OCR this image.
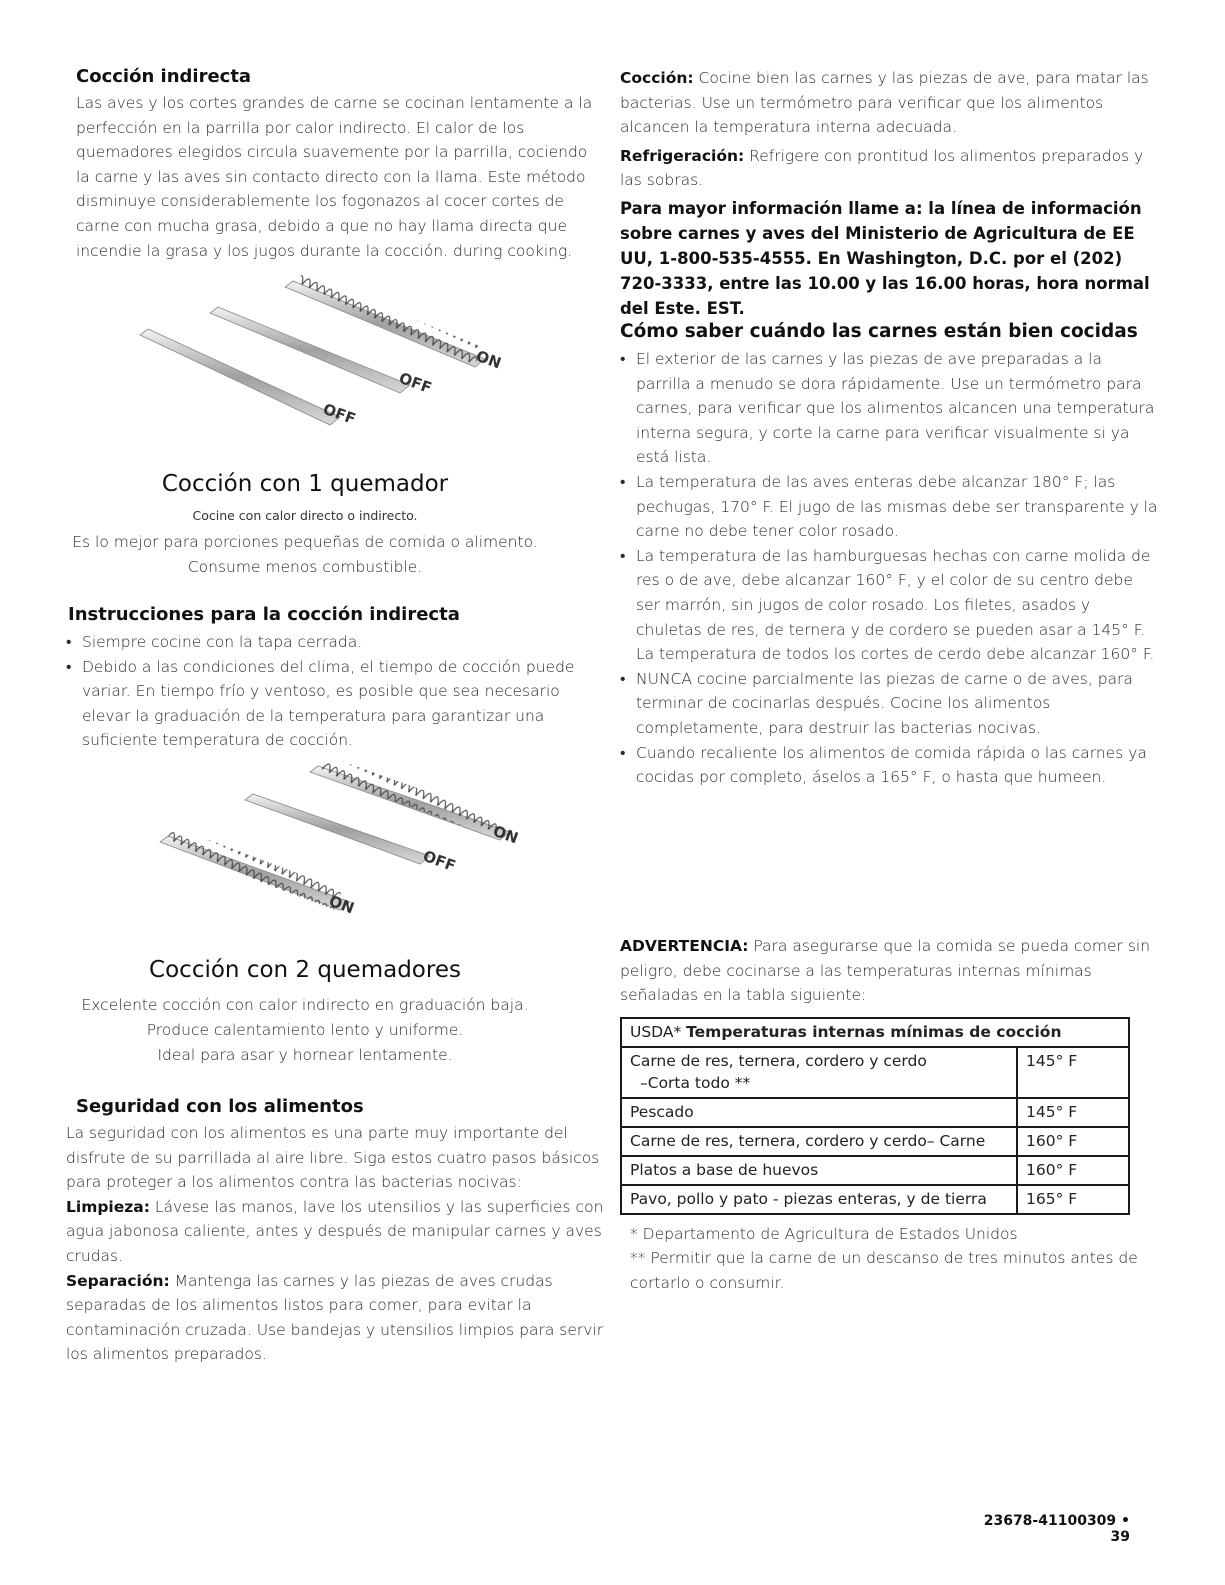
Cocción indirecta
Las aves y los cortes grandes de carne se cocinan lentamente a la perfección en la parrilla por calor indirecto. El calor de los quemadores elegidos circula suavemente por la parrilla, cociendo la carne y las aves sin contacto directo con la llama. Este método disminuye considerablemente los fogonazos al cocer cortes de carne con mucha grasa, debido a que no hay llama directa que incendie la grasa y los jugos durante la cocción. during cooking.
ON
OFF
OFF
Cocción con 1 quemador
Cocine con calor directo o indirecto.
Es lo mejor para porciones pequeñas de comida o alimento.
Consume menos combustible.
Instrucciones para la cocción indirecta
• Siempre cocine con la tapa cerrada.
• Debido a las condiciones del clima, el tiempo de cocción puede variar. En tiempo frío y ventoso, es posible que sea necesario elevar la graduación de la temperatura para garantizar una suficiente temperatura de cocción.
ON
OFF
ON
Cocción con 2 quemadores
Excelente cocción con calor indirecto en graduación baja.
Produce calentamiento lento y uniforme.
Ideal para asar y hornear lentamente.
Seguridad con los alimentos
La seguridad con los alimentos es una parte muy importante del disfrute de su parrillada al aire libre. Siga estos cuatro pasos básicos para proteger a los alimentos contra las bacterias nocivas:
Limpieza: Lávese las manos, lave los utensilios y las superficies con agua jabonosa caliente, antes y después de manipular carnes y aves crudas.
Separación: Mantenga las carnes y las piezas de aves crudas separadas de los alimentos listos para comer, para evitar la contaminación cruzada. Use bandejas y utensilios limpios para servir los alimentos preparados.
Cocción: Cocine bien las carnes y las piezas de ave, para matar las bacterias. Use un termómetro para verificar que los alimentos alcancen la temperatura interna adecuada.
Refrigeración: Refrigere con prontitud los alimentos preparados y las sobras.
Para mayor información llame a: la línea de información sobre carnes y aves del Ministerio de Agricultura de EE UU, 1-800-535-4555. En Washington, D.C. por el (202) 720-3333, entre las 10.00 y las 16.00 horas, hora normal del Este. EST.
Cómo saber cuándo las carnes están bien cocidas
• El exterior de las carnes y las piezas de ave preparadas a la parrilla a menudo se dora rápidamente. Use un termómetro para carnes, para verificar que los alimentos alcancen una temperatura interna segura, y corte la carne para verificar visualmente si ya está lista.
• La temperatura de las aves enteras debe alcanzar 180° F; las pechugas, 170° F. El jugo de las mismas debe ser transparente y la carne no debe tener color rosado.
• La temperatura de las hamburguesas hechas con carne molida de res o de ave, debe alcanzar 160° F, y el color de su centro debe ser marrón, sin jugos de color rosado. Los filetes, asados y chuletas de res, de ternera y de cordero se pueden asar a 145° F. La temperatura de todos los cortes de cerdo debe alcanzar 160° F.
• NUNCA cocine parcialmente las piezas de carne o de aves, para terminar de cocinarlas después. Cocine los alimentos completamente, para destruir las bacterias nocivas.
• Cuando recaliente los alimentos de comida rápida o las carnes ya cocidas por completo, áselos a 165° F, o hasta que humeen.
ADVERTENCIA: Para asegurarse que la comida se pueda comer sin peligro, debe cocinarse a las temperaturas internas mínimas señaladas en la tabla siguiente:
USDA* Temperaturas internas mínimas de cocción	

Carne de res, ternera, cordero y cerdo
–Corta todo **	145° F
Pescado	145° F
Carne de res, ternera, cordero y cerdo– Carne	160° F
Platos a base de huevos	160° F
Pavo, pollo y pato - piezas enteras, y de tierra	165° F
* Departamento de Agricultura de Estados Unidos
** Permitir que la carne de un descanso de tres minutos antes de cortarlo o consumir.
23678-41100309 • 39
